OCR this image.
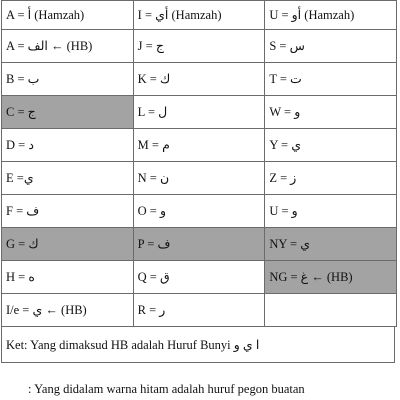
A = أ (Hamzah)	I = أي (Hamzah)	U = أو (Hamzah)
A = الف ← (HB)	J = ج	S = س
B = ب	K = ك	T = ت
C = ج	L = ل	W = و
D = د	M = م	Y = ي
E =ي	N = ن	Z = ز
F = ف	O = و	U = و
G = ك	P = ف	NY = ي
H = ه	Q = ق	NG = غ ← (HB)
I/e = ي ← (HB)	R = ر	
Ket: Yang dimaksud HB adalah Huruf Bunyi ا ي و
: Yang didalam warna hitam adalah huruf pegon buatan
